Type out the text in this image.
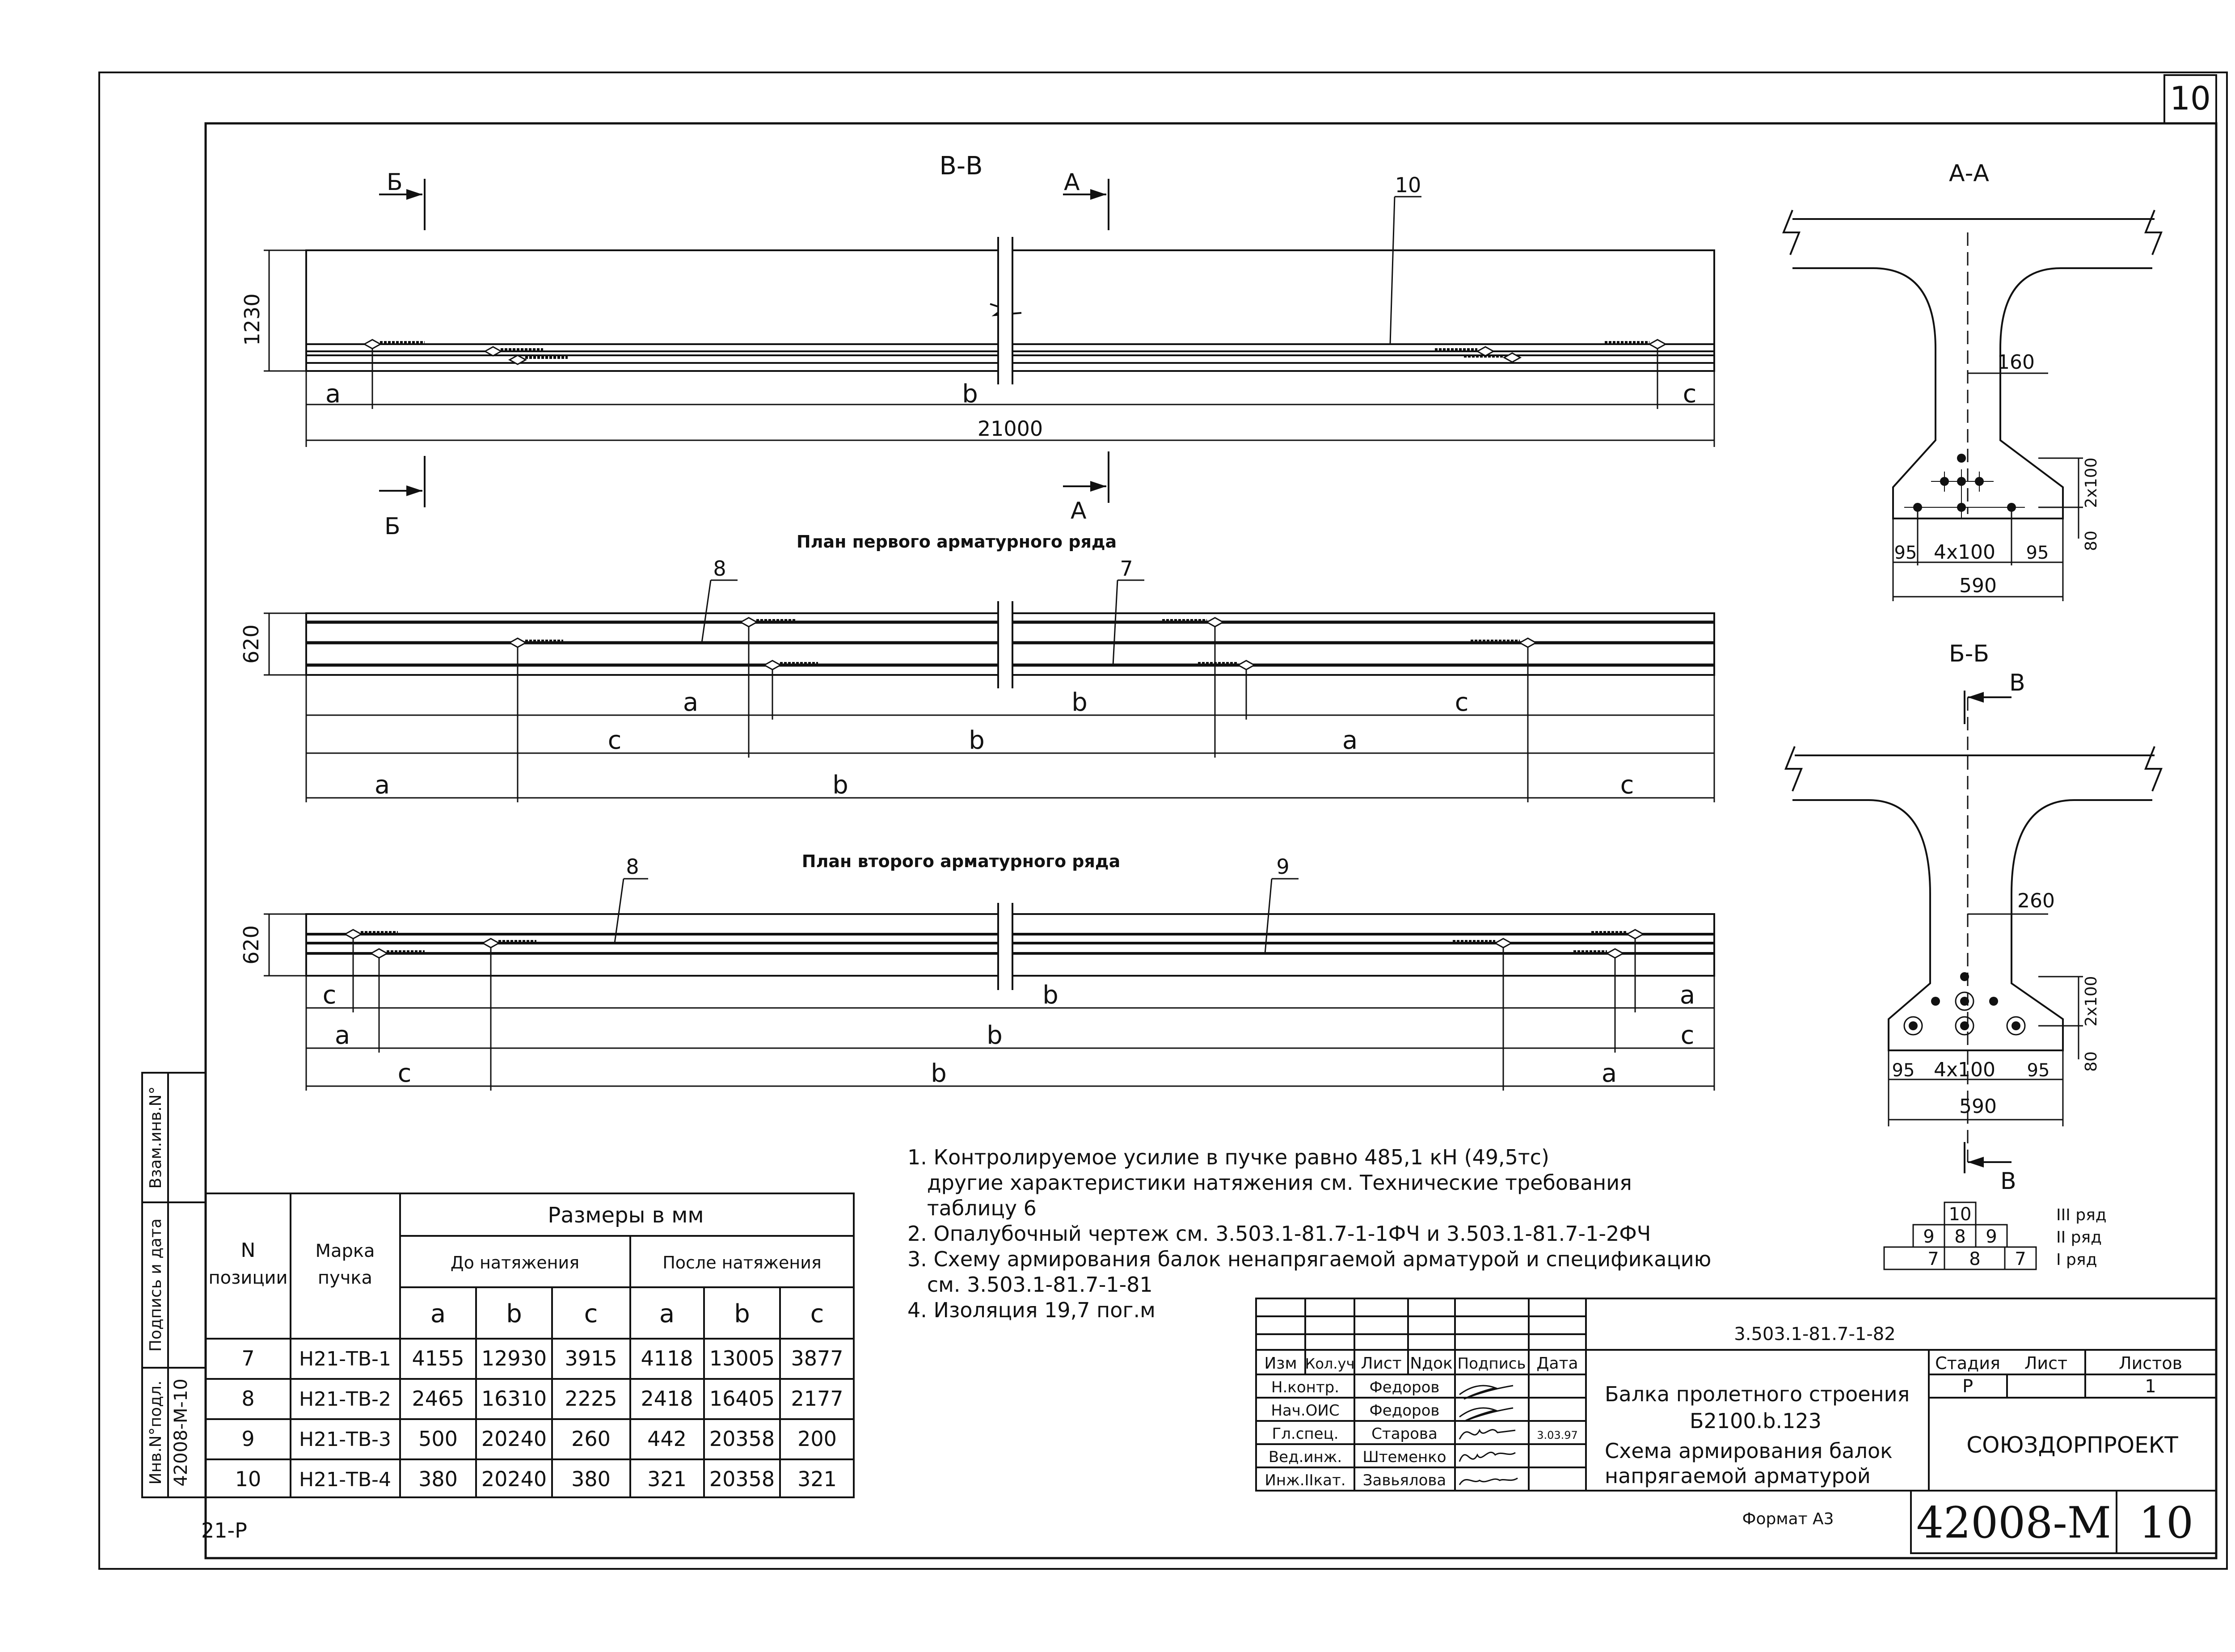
10
В-В
10
Б	А
Б
А
1230
a	b	c
21000
План первого арматурного ряда
8	7
620
a	b	c
c	b	a
a	b	c
План второго арматурного ряда
8	9
620
c	b	a
a	b	c
c	b	a
А-А
160
95 4x100 95
590
2x100
80
Б-Б
В
В
260
95 4x100 95
590
2x100
80
10
9 8 9
7 8 7
III ряд
II ряд
I ряд
1. Контролируемое усилие в пучке равно 485,1 кН (49,5тс)
другие характеристики натяжения см. Технические требования
таблицу 6
2. Опалубочный чертеж см. 3.503.1-81.7-1-1ФЧ и 3.503.1-81.7-1-2ФЧ
3. Схему армирования балок ненапрягаемой арматурой и спецификацию
см. 3.503.1-81.7-1-81
4. Изоляция 19,7 пог.м
Взам.инв.N°
Подпись и дата
Инв.N°подл. 42008-М-10
21-Р
N
позиции
Марка
пучка
Размеры в мм
До натяжения	После натяжения
a b c a b c
7 Н21-ТВ-1 4155 12930 3915 4118 13005 3877
8 Н21-ТВ-2 2465 16310 2225 2418 16405 2177
9 Н21-ТВ-3 500 20240 260 442 20358 200
10 Н21-ТВ-4 380 20240 380 321 20358 321
Изм Кол.уч Лист Nдок Подпись Дата
Н.контр. Федоров
Нач.ОИС Федоров
Гл.спец. Старова	3.03.97
Вед.инж. Штеменко
Инж.IIкат. Завьялова
3.503.1-81.7-1-82
Балка пролетного строения
Б2100.b.123
Схема армирования балок
напрягаемой арматурой
Стадия Лист	Листов
Р	1
СОЮЗДОРПРОЕКТ
Формат A3 42008-М 10
